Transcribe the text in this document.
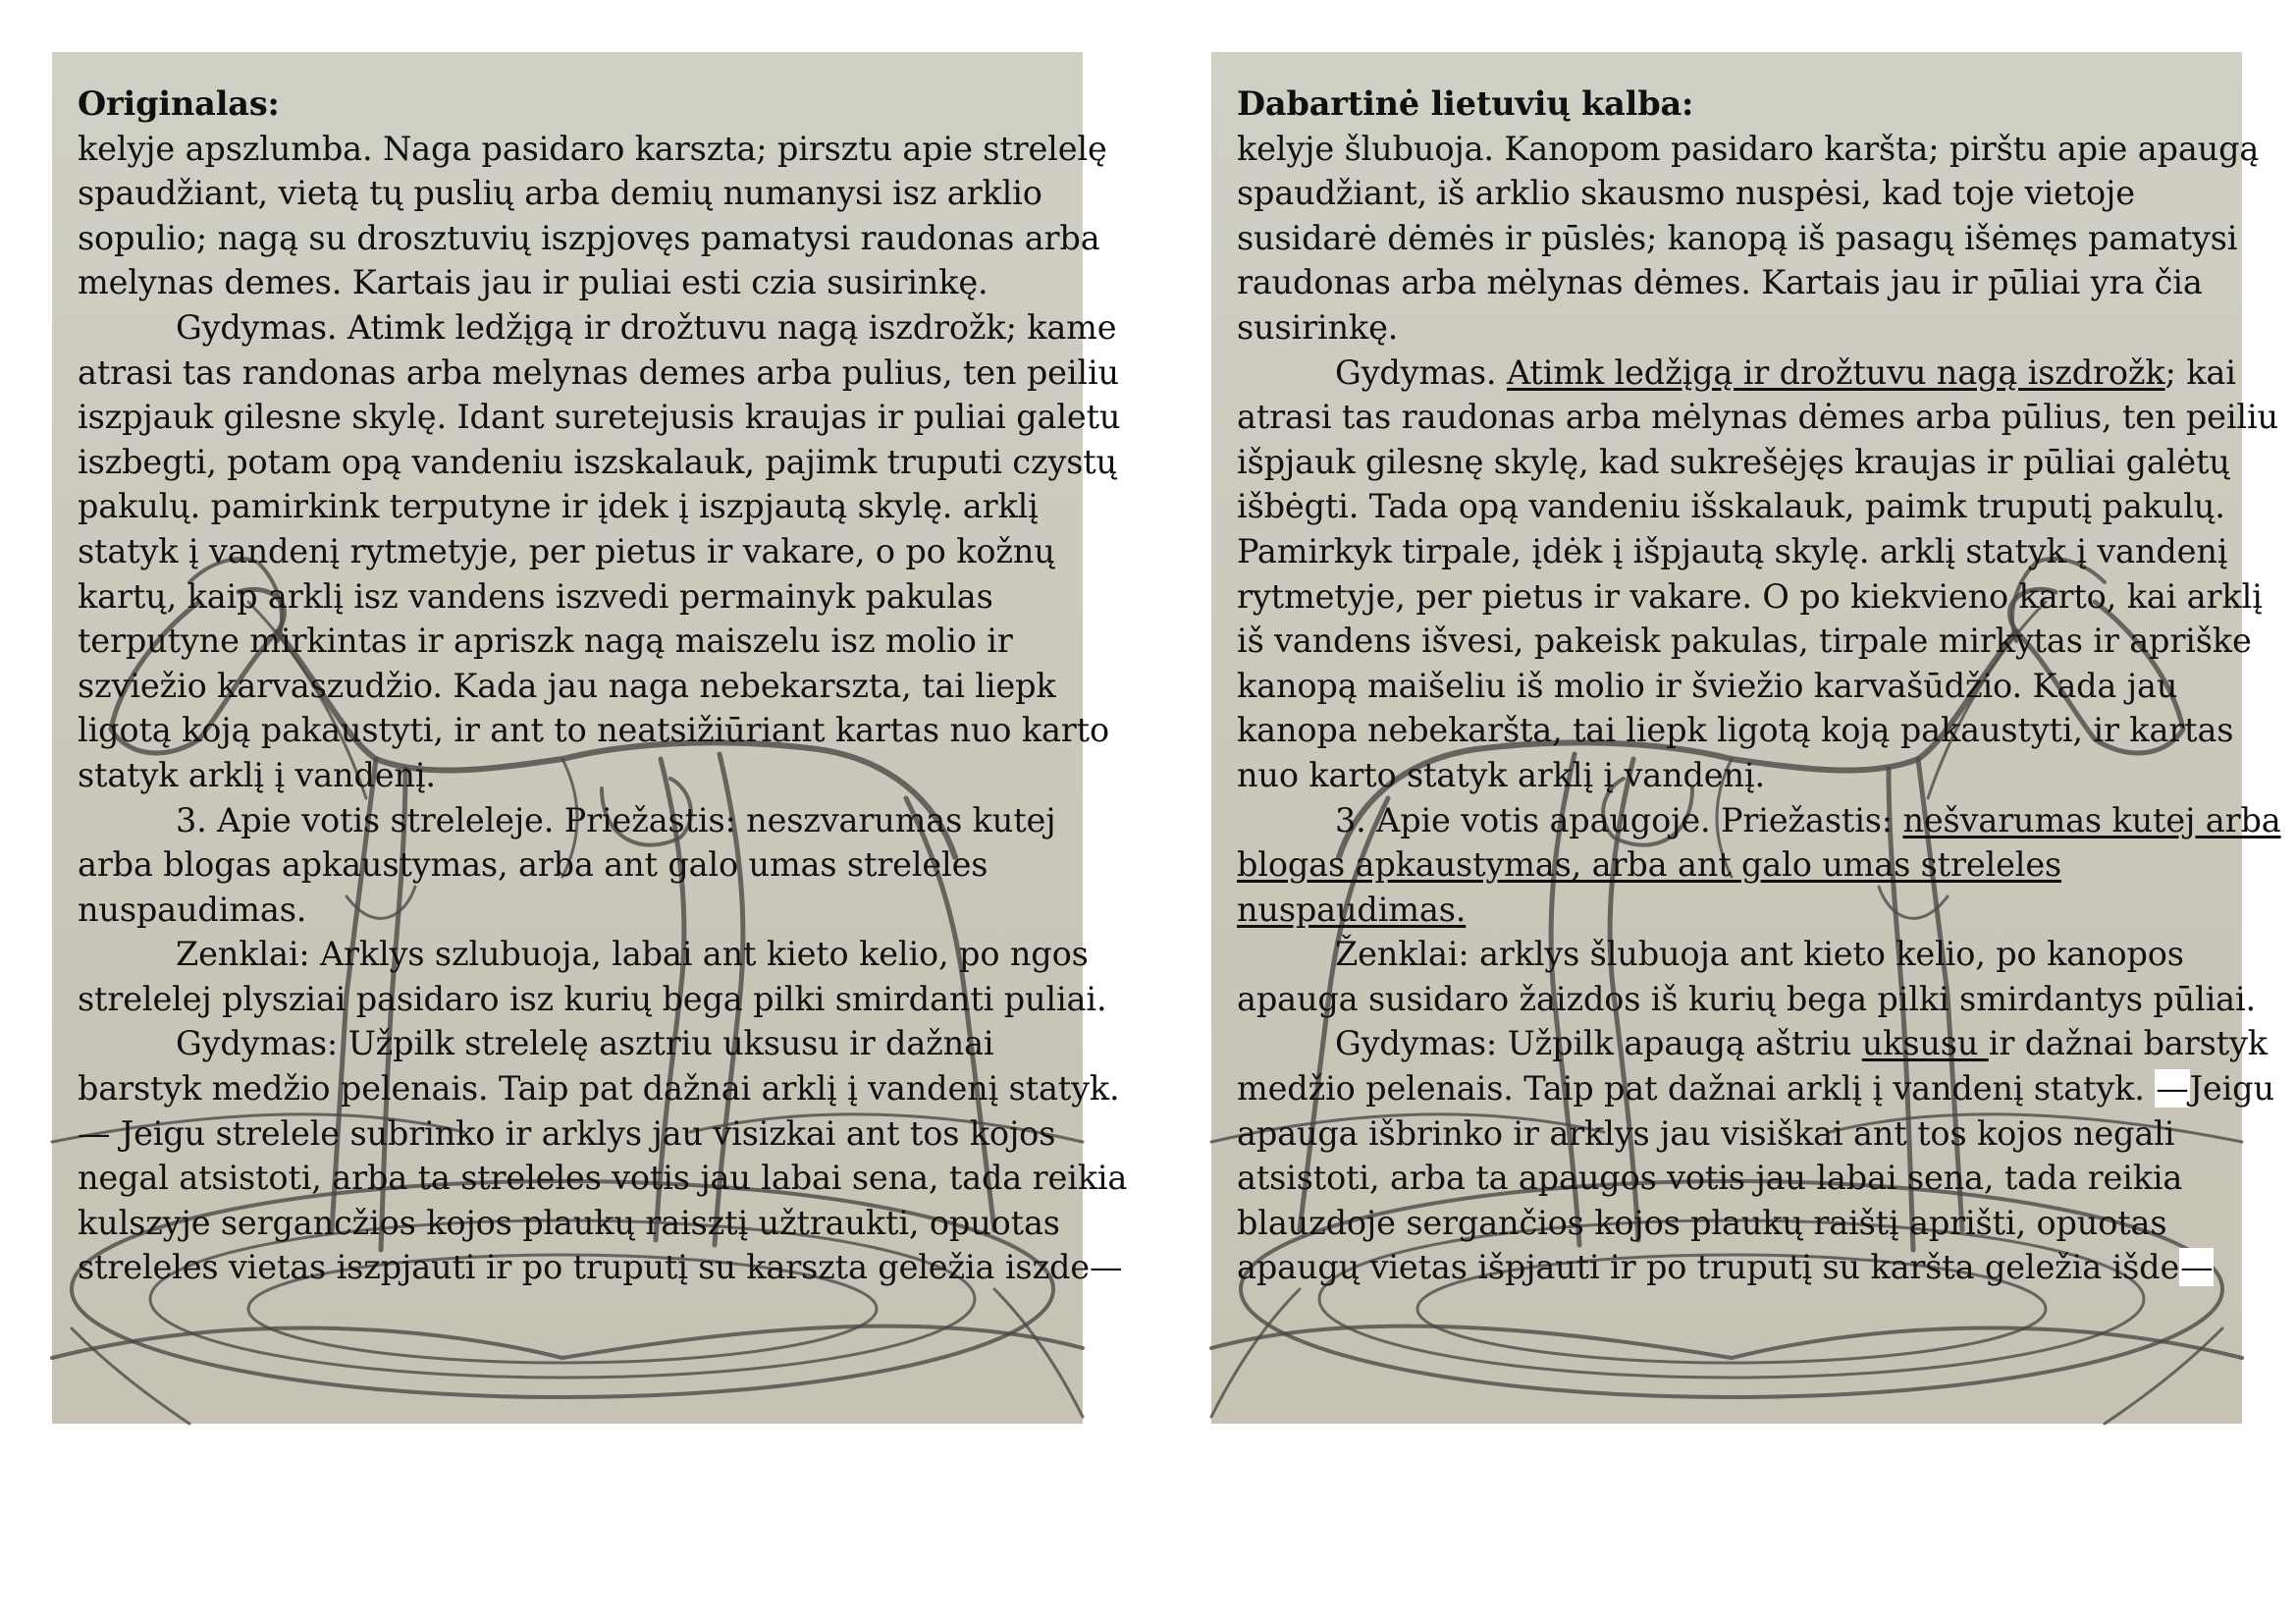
Originalas:

kelyje apszlumba. Naga pasidaro karszta; pirsztu apie strelelę

spaudžiant, vietą tų puslių arba demių numanysi isz arklio

sopulio; nagą su drosztuvių iszpjovęs pamatysi raudonas arba

melynas demes. Kartais jau ir puliai esti czia susirinkę.

Gydymas. Atimk ledžįgą ir drožtuvu nagą iszdrožk; kame

atrasi tas randonas arba melynas demes arba pulius, ten peiliu

iszpjauk gilesne skylę. Idant suretejusis kraujas ir puliai galetu

iszbegti, potam opą vandeniu iszskalauk, pajimk truputi czystų

pakulų. pamirkink terputyne ir įdek į iszpjautą skylę. arklį

statyk į vandenį rytmetyje, per pietus ir vakare, o po kožnų

kartų, kaip arklį isz vandens iszvedi permainyk pakulas

terputyne mirkintas ir apriszk nagą maiszelu isz molio ir

szviežio karvaszudžio. Kada jau naga nebekarszta, tai liepk

ligotą koją pakaustyti, ir ant to neatsižiūriant kartas nuo karto

statyk arklį į vandenį.

3. Apie votis streleleje. Priežastis: neszvarumas kutej

arba blogas apkaustymas, arba ant galo umas streleles

nuspaudimas.

Zenklai: Arklys szlubuoja, labai ant kieto kelio, po ngos

strelelej plysziai pasidaro isz kurių bega pilki smirdanti puliai.

Gydymas: Užpilk strelelę asztriu uksusu ir dažnai

barstyk medžio pelenais. Taip pat dažnai arklį į vandenį statyk.

— Jeigu strelele subrinko ir arklys jau visizkai ant tos kojos

negal atsistoti, arba ta streleles votis jau labai sena, tada reikia

kulszyje sergancžios kojos plaukų raisztį užtraukti, opuotas

streleles vietas iszpjauti ir po truputį su karszta geležia iszde—

Dabartinė lietuvių kalba:

kelyje šlubuoja. Kanopom pasidaro karšta; pirštu apie apaugą

spaudžiant, iš arklio skausmo nuspėsi, kad toje vietoje

susidarė dėmės ir pūslės; kanopą iš pasagų išėmęs pamatysi

raudonas arba mėlynas dėmes. Kartais jau ir pūliai yra čia

susirinkę.

Gydymas. Atimk ledžįgą ir drožtuvu nagą iszdrožk; kai

atrasi tas raudonas arba mėlynas dėmes arba pūlius, ten peiliu

išpjauk gilesnę skylę, kad sukrešėjęs kraujas ir pūliai galėtų

išbėgti. Tada opą vandeniu išskalauk, paimk truputį pakulų.

Pamirkyk tirpale, įdėk į išpjautą skylę. arklį statyk į vandenį

rytmetyje, per pietus ir vakare. O po kiekvieno karto, kai arklį

iš vandens išvesi, pakeisk pakulas, tirpale mirkytas ir apriške

kanopą maišeliu iš molio ir šviežio karvašūdžio. Kada jau

kanopa nebekaršta, tai liepk ligotą koją pakaustyti, ir kartas

nuo karto statyk arklį į vandenį.

3. Apie votis apaugoje. Priežastis: nešvarumas kutej arba

blogas apkaustymas, arba ant galo umas streleles

nuspaudimas.

Ženklai: arklys šlubuoja ant kieto kelio, po kanopos

apauga susidaro žaizdos iš kurių bega pilki smirdantys pūliai.

Gydymas: Užpilk apaugą aštriu uksusu ir dažnai barstyk

medžio pelenais. Taip pat dažnai arklį į vandenį statyk. —Jeigu

apauga išbrinko ir arklys jau visiškai ant tos kojos negali

atsistoti, arba ta apaugos votis jau labai sena, tada reikia

blauzdoje sergančios kojos plaukų raištį aprišti, opuotas

apaugų vietas išpjauti ir po truputį su karšta geležia išde—
